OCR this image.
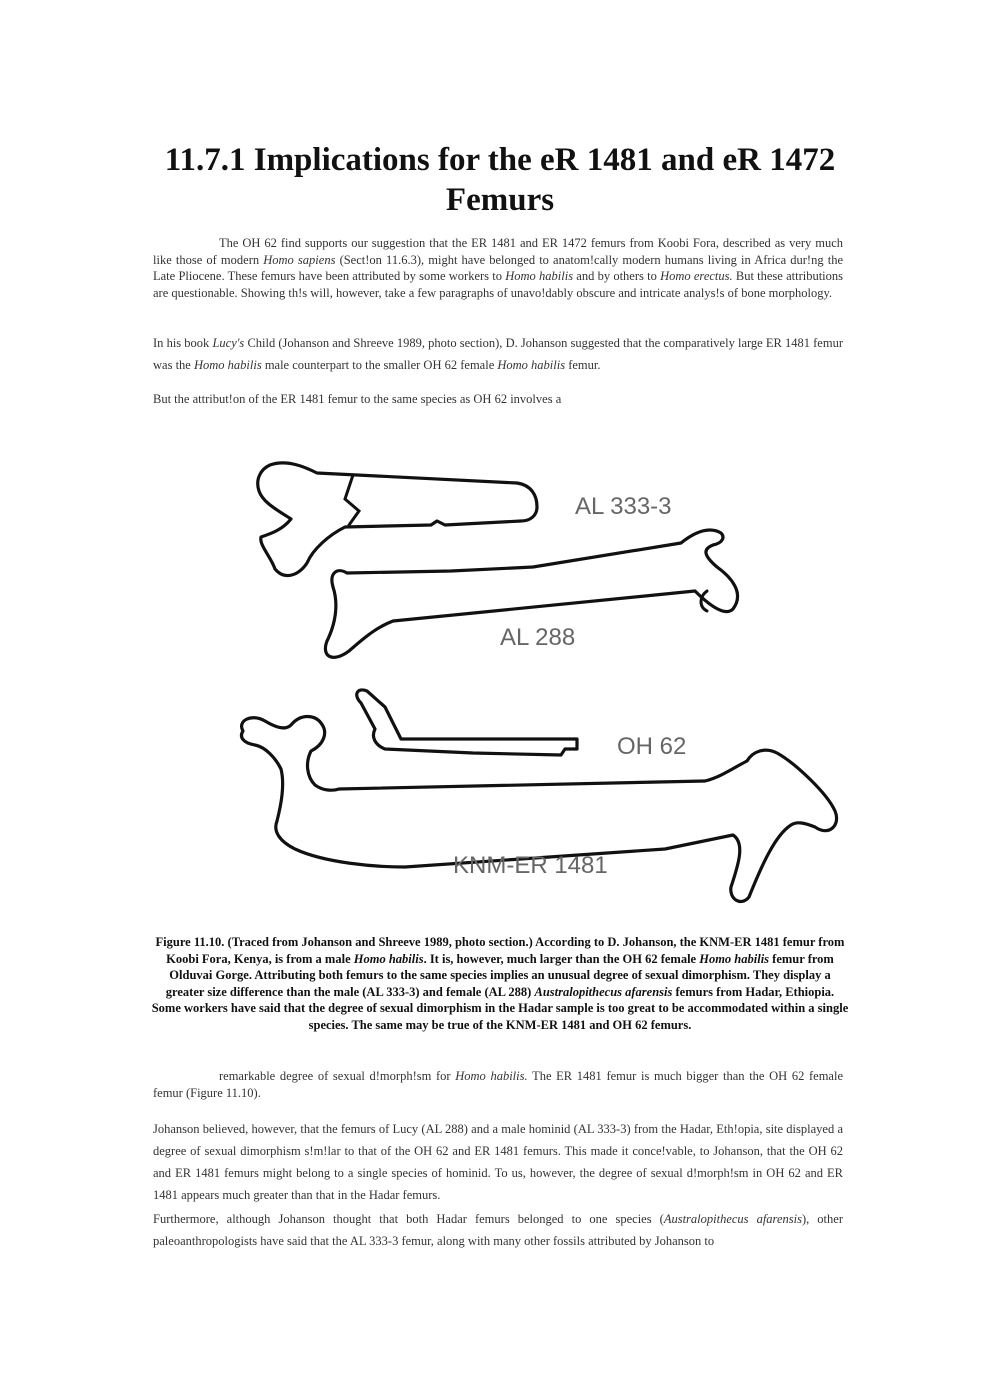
11.7.1 Implications for the eR 1481 and eR 1472 Femurs

The OH 62 find supports our suggestion that the ER 1481 and ER 1472 femurs from Koobi Fora, described as very much like those of modern Homo sapiens (Sect!on 11.6.3), might have belonged to anatom!cally modern humans living in Africa dur!ng the Late Pliocene. These femurs have been attributed by some workers to Homo habilis and by others to Homo erectus. But these attributions are questionable. Showing th!s will, however, take a few paragraphs of unavo!dably obscure and intricate analys!s of bone morphology.

In his book Lucy's Child (Johanson and Shreeve 1989, photo section), D. Johanson suggested that the comparatively large ER 1481 femur was the Homo habilis male counterpart to the smaller OH 62 female Homo habilis femur.

But the attribut!on of the ER 1481 femur to the same species as OH 62 involves a

AL 333-3
AL 288
OH 62
KNM-ER 1481

Figure 11.10. (Traced from Johanson and Shreeve 1989, photo section.) According to D. Johanson, the KNM-ER 1481 femur from Koobi Fora, Kenya, is from a male Homo habilis. It is, however, much larger than the OH 62 female Homo habilis femur from Olduvai Gorge. Attributing both femurs to the same species implies an unusual degree of sexual dimorphism. They display a greater size difference than the male (AL 333-3) and female (AL 288) Australopithecus afarensis femurs from Hadar, Ethiopia. Some workers have said that the degree of sexual dimorphism in the Hadar sample is too great to be accommodated within a single species. The same may be true of the KNM-ER 1481 and OH 62 femurs.

remarkable degree of sexual d!morph!sm for Homo habilis. The ER 1481 femur is much bigger than the OH 62 female femur (Figure 11.10).

Johanson believed, however, that the femurs of Lucy (AL 288) and a male hominid (AL 333-3) from the Hadar, Eth!opia, site displayed a degree of sexual dimorphism s!m!lar to that of the OH 62 and ER 1481 femurs. This made it conce!vable, to Johanson, that the OH 62 and ER 1481 femurs might belong to a single species of hominid. To us, however, the degree of sexual d!morph!sm in OH 62 and ER 1481 appears much greater than that in the Hadar femurs.

Furthermore, although Johanson thought that both Hadar femurs belonged to one species (Australopithecus afarensis), other paleoanthropologists have said that the AL 333-3 femur, along with many other fossils attributed by Johanson to
